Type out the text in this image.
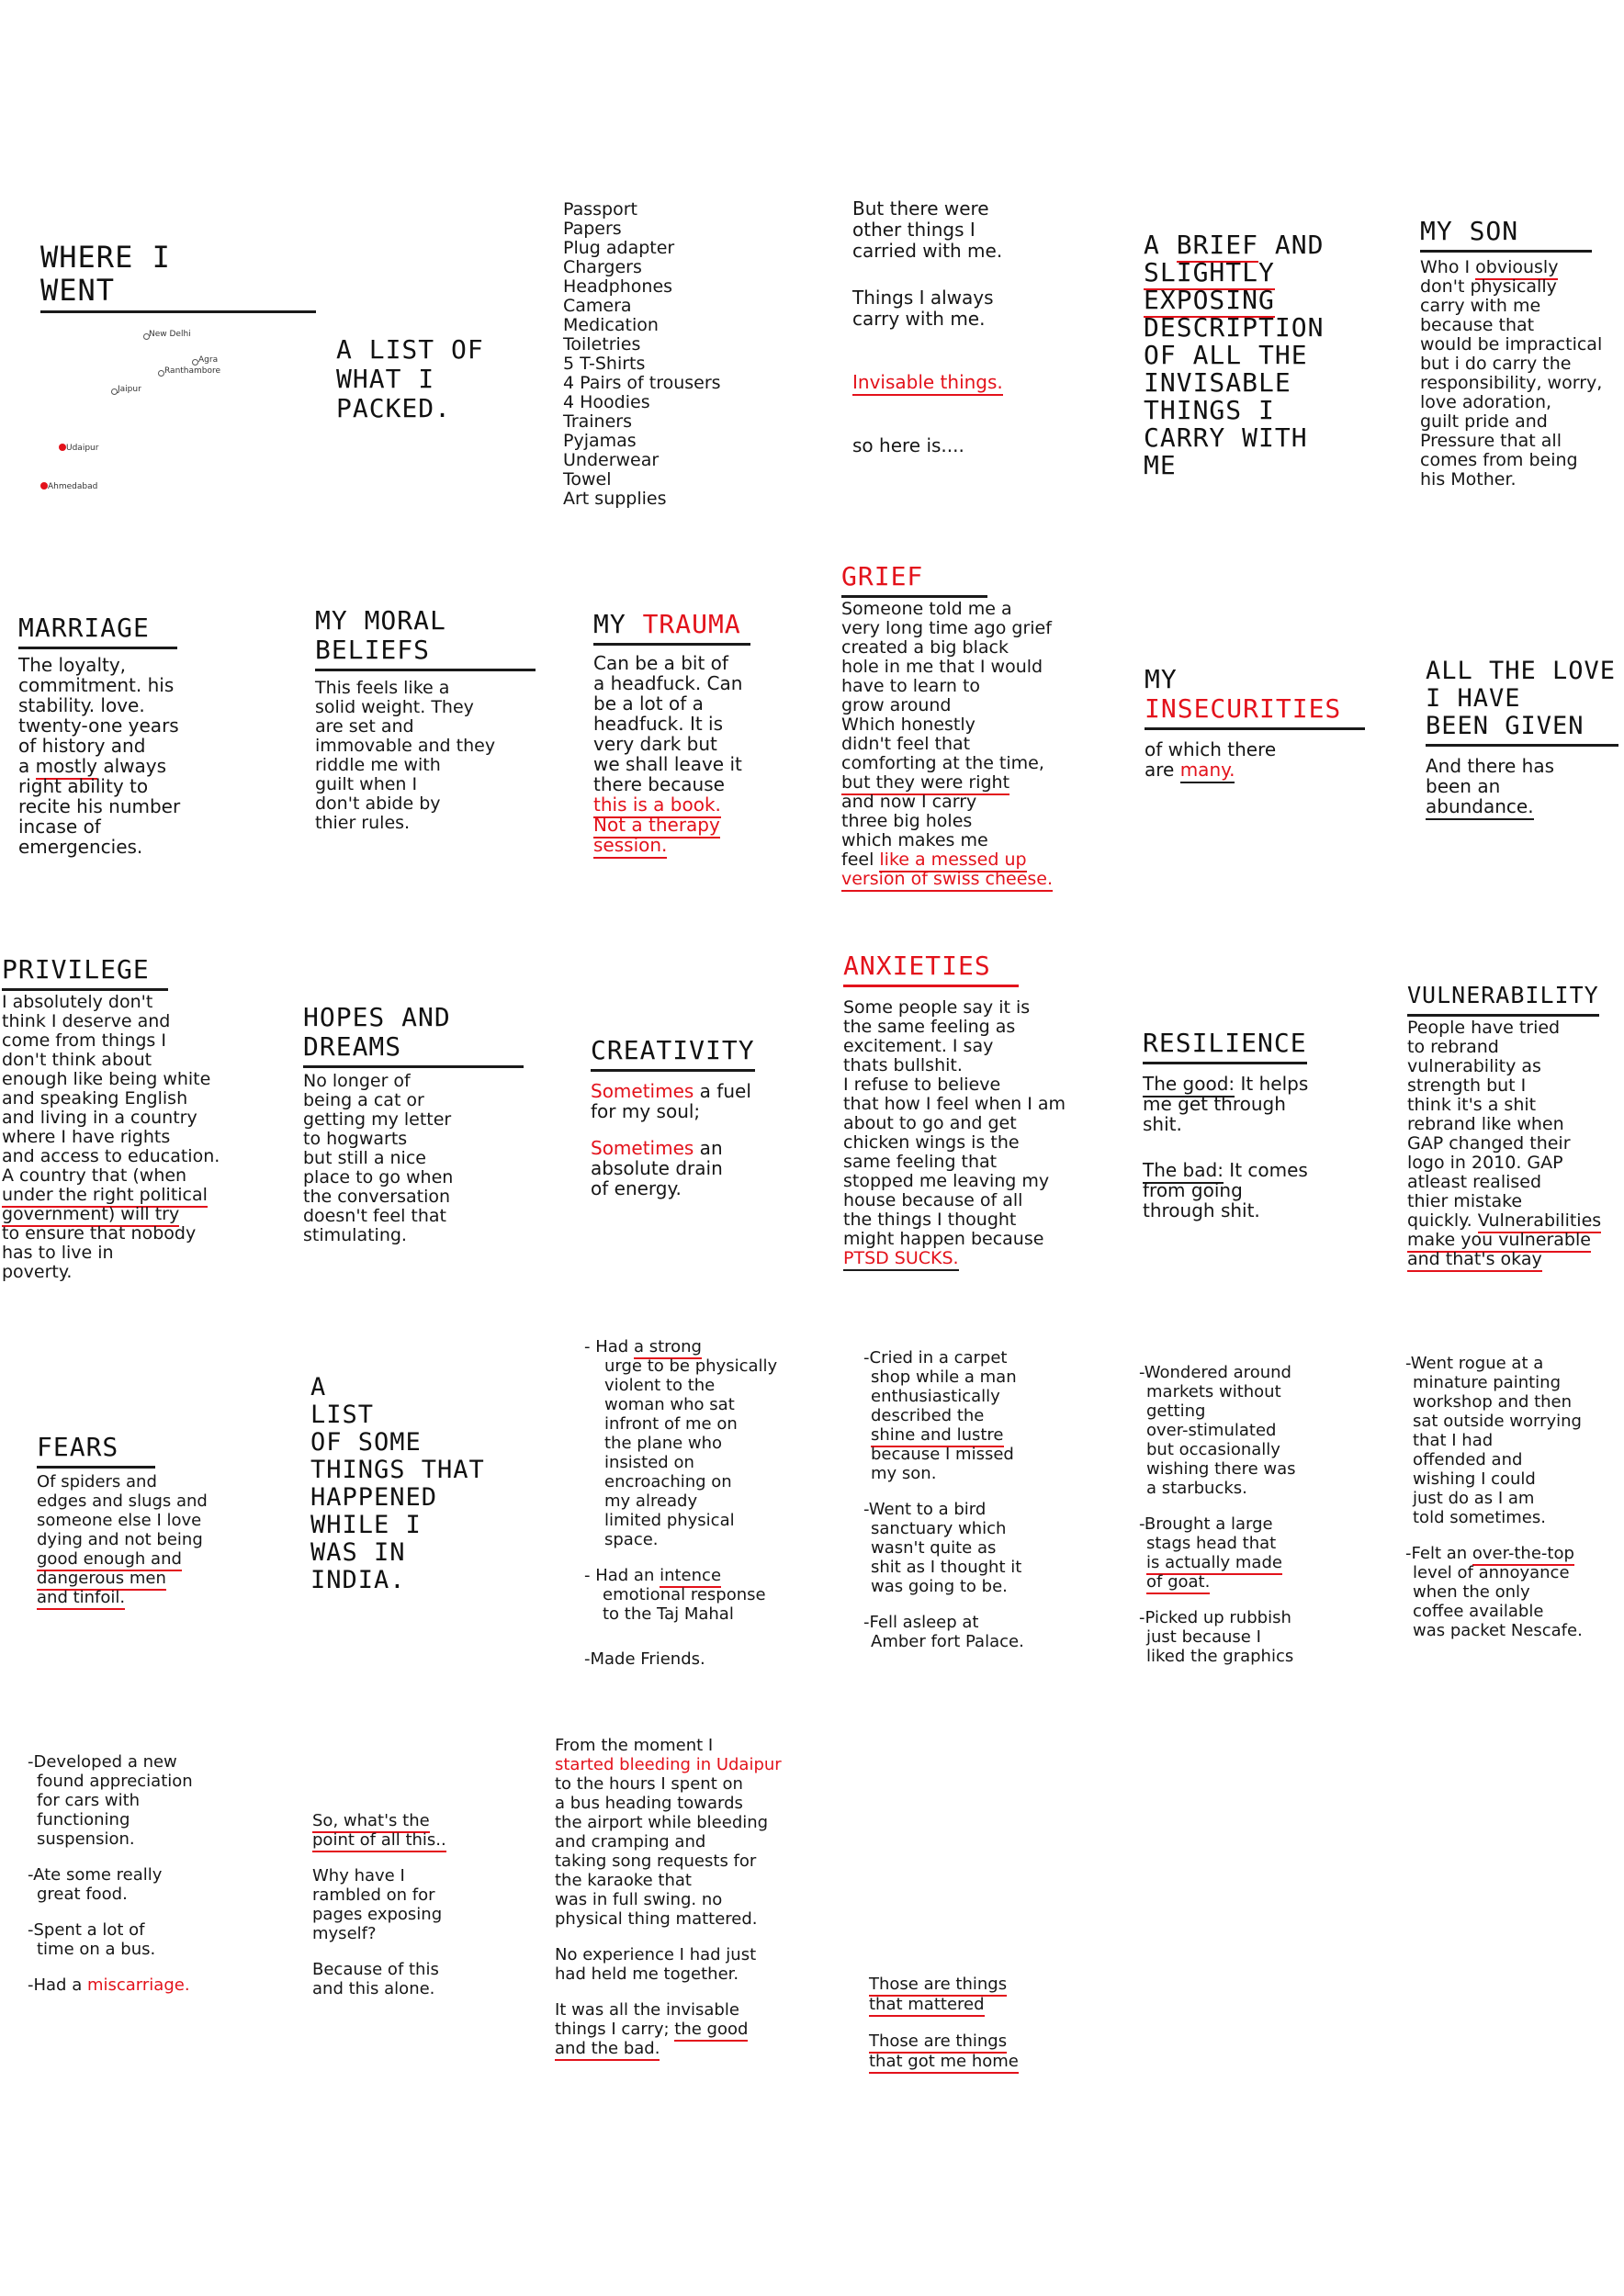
WHERE I
WENT
New Delhi
Agra
Ranthambore
Jaipur
Udaipur
Ahmedabad
A LIST OF
WHAT I
PACKED.
Passport
Papers
Plug adapter
Chargers
Headphones
Camera
Medication
Toiletries
5 T-Shirts
4 Pairs of trousers
4 Hoodies
Trainers
Pyjamas
Underwear
Towel
Art supplies
But there were
other things I
carried with me.
Things I always
carry with me.
Invisable things.
so here is....
A BRIEF AND
SLIGHTLY
EXPOSING
DESCRIPTION
OF ALL THE
INVISABLE
THINGS I
CARRY WITH
ME
MY SON
Who I obviously
don't physically
carry with me
because that
would be impractical
but i do carry the
responsibility, worry,
love adoration,
guilt pride and
Pressure that all
comes from being
his Mother.
MARRIAGE
The loyalty,
commitment. his
stability. love.
twenty-one years
of history and
a mostly always
right ability to
recite his number
incase of
emergencies.
MY MORAL
BELIEFS
This feels like a
solid weight. They
are set and
immovable and they
riddle me with
guilt when I
don't abide by
thier rules.
MY TRAUMA
Can be a bit of
a headfuck. Can
be a lot of a
headfuck. It is
very dark but
we shall leave it
there because
this is a book.
Not a therapy
session.
GRIEF
Someone told me a
very long time ago grief
created a big black
hole in me that I would
have to learn to
grow around
Which honestly
didn't feel that
comforting at the time,
but they were right
and now I carry
three big holes
which makes me
feel like a messed up
version of swiss cheese.
MY
INSECURITIES
of which there
are many.
ALL THE LOVE
I HAVE
BEEN GIVEN
And there has
been an
abundance.
PRIVILEGE
I absolutely don't
think I deserve and
come from things I
don't think about
enough like being white
and speaking English
and living in a country
where I have rights
and access to education.
A country that (when
under the right political
government) will try
to ensure that nobody
has to live in
poverty.
HOPES AND
DREAMS
No longer of
being a cat or
getting my letter
to hogwarts
but still a nice
place to go when
the conversation
doesn't feel that
stimulating.
CREATIVITY
Sometimes a fuel
for my soul;
Sometimes an
absolute drain
of energy.
ANXIETIES
Some people say it is
the same feeling as
excitement. I say
thats bullshit.
I refuse to believe
that how I feel when I am
about to go and get
chicken wings is the
same feeling that
stopped me leaving my
house because of all
the things I thought
might happen because
PTSD SUCKS.
RESILIENCE
The good: It helps
me get through
shit.
The bad: It comes
from going
through shit.
VULNERABILITY
People have tried
to rebrand
vulnerability as
strength but I
think it's a shit
rebrand like when
GAP changed their
logo in 2010. GAP
atleast realised
thier mistake
quickly. Vulnerabilities
make you vulnerable
and that's okay
FEARS
Of spiders and
edges and slugs and
someone else I love
dying and not being
good enough and
dangerous men
and tinfoil.
A
LIST
OF SOME
THINGS THAT
HAPPENED
WHILE I
WAS IN
INDIA.
- Had a strong
urge to be physically
violent to the
woman who sat
infront of me on
the plane who
insisted on
encroaching on
my already
limited physical
space.
- Had an intence
emotional response
to the Taj Mahal
-Made Friends.
-Cried in a carpet
shop while a man
enthusiastically
described the
shine and lustre
because I missed
my son.
-Went to a bird
sanctuary which
wasn't quite as
shit as I thought it
was going to be.
-Fell asleep at
Amber fort Palace.
-Wondered around
markets without
getting
over-stimulated
but occasionally
wishing there was
a starbucks.
-Brought a large
stags head that
is actually made
of goat.
-Picked up rubbish
just because I
liked the graphics
-Went rogue at a
minature painting
workshop and then
sat outside worrying
that I had
offended and
wishing I could
just do as I am
told sometimes.
-Felt an over-the-top
level of annoyance
when the only
coffee available
was packet Nescafe.
-Developed a new
found appreciation
for cars with
functioning
suspension.
-Ate some really
great food.
-Spent a lot of
time on a bus.
-Had a miscarriage.
So, what's the
point of all this..
Why have I
rambled on for
pages exposing
myself?
Because of this
and this alone.
From the moment I
started bleeding in Udaipur
to the hours I spent on
a bus heading towards
the airport while bleeding
and cramping and
taking song requests for
the karaoke that
was in full swing. no
physical thing mattered.
No experience I had just
had held me together.
It was all the invisable
things I carry; the good
and the bad.
Those are things
that mattered
Those are things
that got me home
